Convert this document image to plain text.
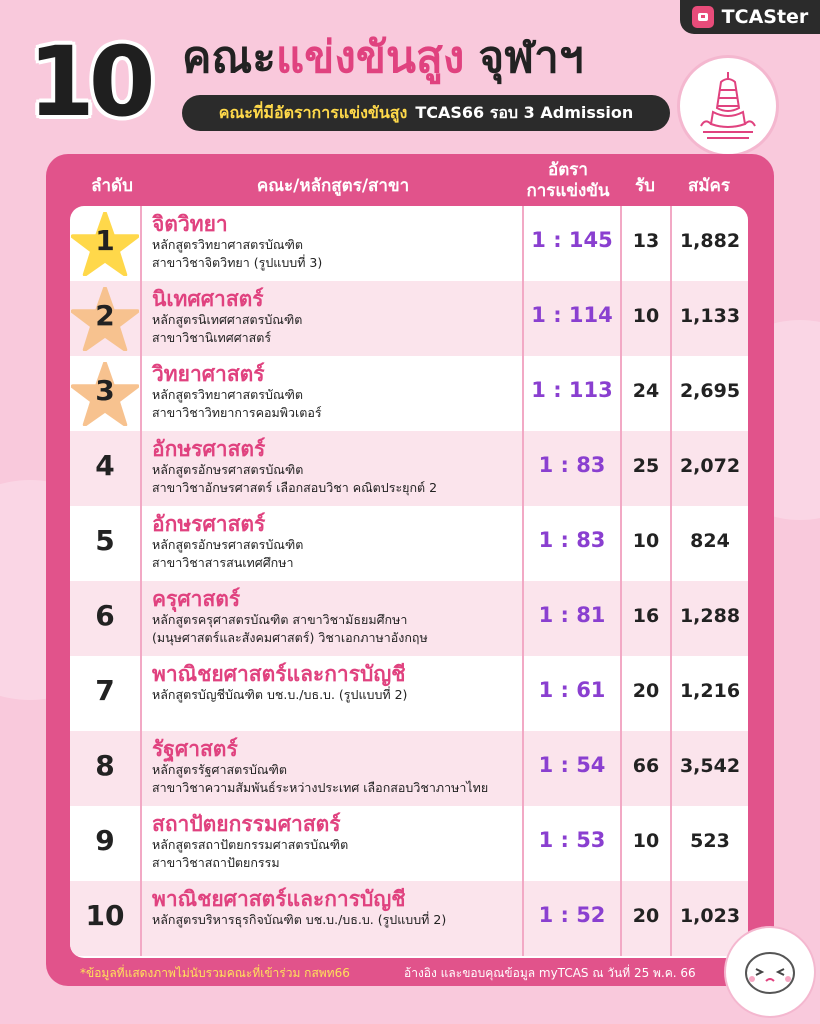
TCASter
10 คณะแข่งขันสูง จุฬาฯ
คณะที่มีอัตราการแข่งขันสูง TCAS66 รอบ 3 Admission
ลำดับ	คณะ/หลักสูตร/สาขา
อัตรา
การแข่งขัน	รับ	สมัคร
1	จิตวิทยา
หลักสูตรวิทยาศาสตรบัณฑิต
สาขาวิชาจิตวิทยา (รูปแบบที่ 3)
1 : 145	13	1,882
2	นิเทศศาสตร์
หลักสูตรนิเทศศาสตรบัณฑิต
สาขาวิชานิเทศศาสตร์
1 : 114	10	1,133
3	วิทยาศาสตร์
หลักสูตรวิทยาศาสตรบัณฑิต
สาขาวิชาวิทยาการคอมพิวเตอร์
1 : 113	24	2,695
4	อักษรศาสตร์
หลักสูตรอักษรศาสตรบัณฑิต
สาขาวิชาอักษรศาสตร์ เลือกสอบวิชา คณิตประยุกต์ 2
1 : 83	25	2,072
5	อักษรศาสตร์
หลักสูตรอักษรศาสตรบัณฑิต
สาขาวิชาสารสนเทศศึกษา
1 : 83	10	824
6	ครุศาสตร์
หลักสูตรครุศาสตรบัณฑิต สาขาวิชามัธยมศึกษา
(มนุษศาสตร์และสังคมศาสตร์) วิชาเอกภาษาอังกฤษ
1 : 81	16	1,288
7	พาณิชยศาสตร์และการบัญชี
หลักสูตรบัญชีบัณฑิต บช.บ./บธ.บ. (รูปแบบที่ 2)	1 : 61	20	1,216
8	รัฐศาสตร์
หลักสูตรรัฐศาสตรบัณฑิต
สาขาวิชาความสัมพันธ์ระหว่างประเทศ เลือกสอบวิชาภาษาไทย
1 : 54	66	3,542
9	สถาปัตยกรรมศาสตร์
หลักสูตรสถาปัตยกรรมศาสตรบัณฑิต
สาขาวิชาสถาปัตยกรรม
1 : 53	10	523
10	พาณิชยศาสตร์และการบัญชี
หลักสูตรบริหารธุรกิจบัณฑิต บช.บ./บธ.บ. (รูปแบบที่ 2)	1 : 52	20	1,023
*ข้อมูลที่แสดงภาพไม่นับรวมคณะที่เข้าร่วม กสพท66	อ้างอิง และขอบคุณข้อมูล myTCAS ณ วันที่ 25 พ.ค. 66
